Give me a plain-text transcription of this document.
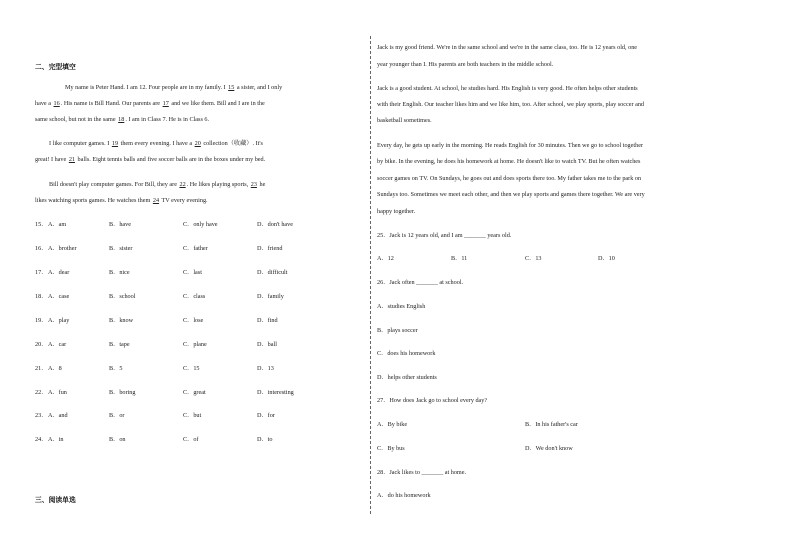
二、完型填空
My name is Peter Hand. I am 12. Four people are in my family. I 15 a sister, and I only
have a 16. His name is Bill Hand. Our parents are 17 and we like them. Bill and I are in the
same school, but not in the same 18. I am in Class 7. He is in Class 6.
I like computer games. I 19 them every evening. I have a 20 collection（收藏）. It's
great! I have 21 balls. Eight tennis balls and five soccer balls are in the boxes under my bed.
Bill doesn't play computer games. For Bill, they are 22. He likes playing sports, 23 he
likes watching sports games. He watches them 24 TV every evening.
15． A．am	B．have	C．only have	D．don't have
16． A．brother	B．sister	C．father	D．friend
17． A．dear	B．nice	C．last	D．difficult
18． A．case	B．school	C．class	D．family
19． A．play	B．know	C．lose	D．find
20． A．car	B．tape	C．plane	D．ball
21． A．8	B．5	C．15	D．13
22． A．fun	B．boring	C．great	D．interesting
23． A．and	B．or	C．but	D．for
24． A．in	B．on	C．of	D．to
三、阅读单选
Jack is my good friend. We're in the same school and we're in the same class, too. He is 12 years old, one
year younger than I. His parents are both teachers in the middle school.
Jack is a good student. At school, he studies hard. His English is very good. He often helps other students
with their English. Our teacher likes him and we like him, too. After school, we play sports, play soccer and
basketball sometimes.
Every day, he gets up early in the morning. He reads English for 30 minutes. Then we go to school together
by bike. In the evening, he does his homework at home. He doesn't like to watch TV. But he often watches
soccer games on TV. On Sundays, he goes out and does sports there too. My father takes me to the park on
Sundays too. Sometimes we meet each other, and then we play sports and games there together. We are very
happy together.
25．Jack is 12 years old, and I am _______ years old.
A．12	B．11	C．13	D．10
26．Jack often _______ at school.
A．studies English
B．plays soccer
C．does his homework
D．helps other students
27．How does Jack go to school every day?
A．By bike	B．In his father's car
C．By bus	D．We don't know
28．Jack likes to _______ at home.
A．do his homework
